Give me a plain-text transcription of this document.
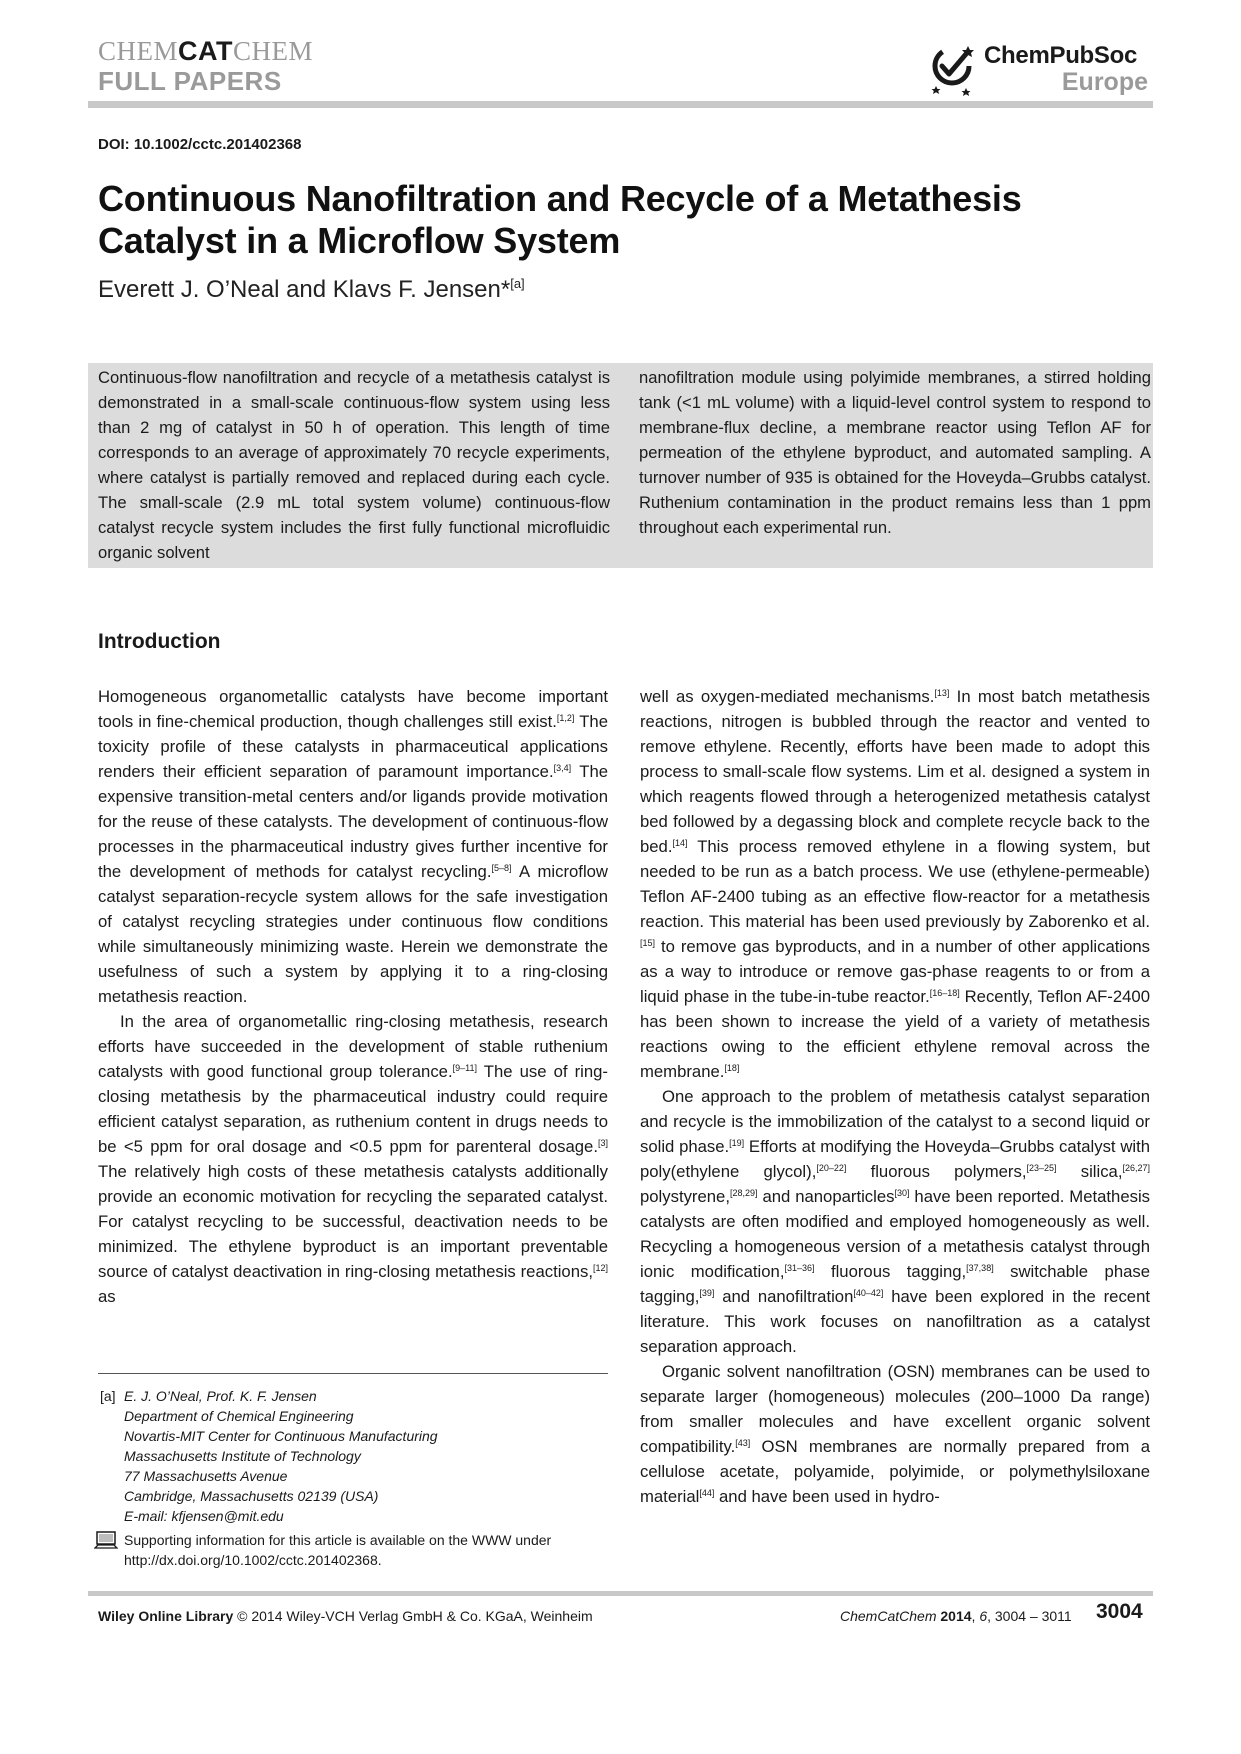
CHEMCATCHEM
FULL PAPERS
ChemPubSoc
Europe
DOI: 10.1002/cctc.201402368
Continuous Nanofiltration and Recycle of a Metathesis Catalyst in a Microflow System
Everett J. O’Neal and Klavs F. Jensen*[a]
Continuous-flow nanofiltration and recycle of a metathesis catalyst is demonstrated in a small-scale continuous-flow system using less than 2 mg of catalyst in 50 h of operation. This length of time corresponds to an average of approximately 70 recycle experiments, where catalyst is partially removed and replaced during each cycle. The small-scale (2.9 mL total system volume) continuous-flow catalyst recycle system includes the first fully functional microfluidic organic solvent
nanofiltration module using polyimide membranes, a stirred holding tank (<1 mL volume) with a liquid-level control system to respond to membrane-flux decline, a membrane reactor using Teflon AF for permeation of the ethylene byproduct, and automated sampling. A turnover number of 935 is obtained for the Hoveyda–Grubbs catalyst. Ruthenium contamination in the product remains less than 1 ppm throughout each experimental run.
Introduction

Homogeneous organometallic catalysts have become important tools in fine-chemical production, though challenges still exist.[1,2] The toxicity profile of these catalysts in pharmaceutical applications renders their efficient separation of paramount importance.[3,4] The expensive transition-metal centers and/or ligands provide motivation for the reuse of these catalysts. The development of continuous-flow processes in the pharmaceutical industry gives further incentive for the development of methods for catalyst recycling.[5–8] A microflow catalyst separation-recycle system allows for the safe investigation of catalyst recycling strategies under continuous flow conditions while simultaneously minimizing waste. Herein we demonstrate the usefulness of such a system by applying it to a ring-closing metathesis reaction.

In the area of organometallic ring-closing metathesis, research efforts have succeeded in the development of stable ruthenium catalysts with good functional group tolerance.[9–11] The use of ring-closing metathesis by the pharmaceutical industry could require efficient catalyst separation, as ruthenium content in drugs needs to be <5 ppm for oral dosage and <0.5 ppm for parenteral dosage.[3] The relatively high costs of these metathesis catalysts additionally provide an economic motivation for recycling the separated catalyst. For catalyst recycling to be successful, deactivation needs to be minimized. The ethylene byproduct is an important preventable source of catalyst deactivation in ring-closing metathesis reactions,[12] as

well as oxygen-mediated mechanisms.[13] In most batch metathesis reactions, nitrogen is bubbled through the reactor and vented to remove ethylene. Recently, efforts have been made to adopt this process to small-scale flow systems. Lim et al. designed a system in which reagents flowed through a heterogenized metathesis catalyst bed followed by a degassing block and complete recycle back to the bed.[14] This process removed ethylene in a flowing system, but needed to be run as a batch process. We use (ethylene-permeable) Teflon AF-2400 tubing as an effective flow-reactor for a metathesis reaction. This material has been used previously by Zaborenko et al.[15] to remove gas byproducts, and in a number of other applications as a way to introduce or remove gas-phase reagents to or from a liquid phase in the tube-in-tube reactor.[16–18] Recently, Teflon AF-2400 has been shown to increase the yield of a variety of metathesis reactions owing to the efficient ethylene removal across the membrane.[18]

One approach to the problem of metathesis catalyst separation and recycle is the immobilization of the catalyst to a second liquid or solid phase.[19] Efforts at modifying the Hoveyda–Grubbs catalyst with poly(ethylene glycol),[20–22] fluorous polymers,[23–25] silica,[26,27] polystyrene,[28,29] and nanoparticles[30] have been reported. Metathesis catalysts are often modified and employed homogeneously as well. Recycling a homogeneous version of a metathesis catalyst through ionic modification,[31–36] fluorous tagging,[37,38] switchable phase tagging,[39] and nanofiltration[40–42] have been explored in the recent literature. This work focuses on nanofiltration as a catalyst separation approach.

Organic solvent nanofiltration (OSN) membranes can be used to separate larger (homogeneous) molecules (200–1000 Da range) from smaller molecules and have excellent organic solvent compatibility.[43] OSN membranes are normally prepared from a cellulose acetate, polyamide, polyimide, or polymethylsiloxane material[44] and have been used in hydro-

[a] E. J. O’Neal, Prof. K. F. Jensen
Department of Chemical Engineering
Novartis-MIT Center for Continuous Manufacturing
Massachusetts Institute of Technology
77 Massachusetts Avenue
Cambridge, Massachusetts 02139 (USA)
E-mail: kfjensen@mit.edu
Supporting information for this article is available on the WWW under http://dx.doi.org/10.1002/cctc.201402368.
Wiley Online Library © 2014 Wiley-VCH Verlag GmbH & Co. KGaA, Weinheim	ChemCatChem 2014, 6, 3004 – 3011 3004
